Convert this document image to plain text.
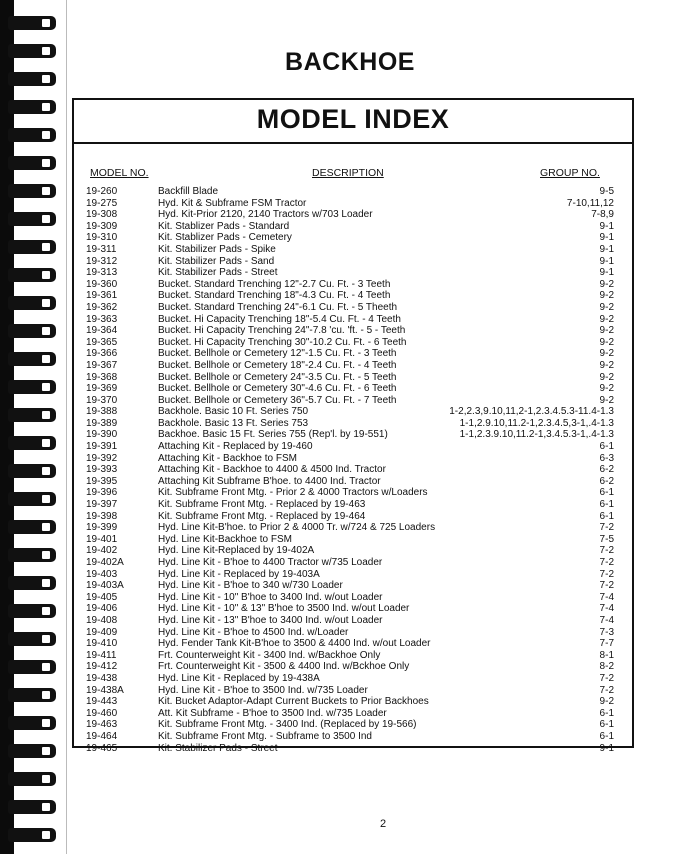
BACKHOE
MODEL INDEX
MODEL NO.	DESCRIPTION	GROUP NO.
19-260	Backfill Blade	9-5
19-275	Hyd. Kit & Subframe FSM Tractor	7-10,11,12
19-308	Hyd. Kit-Prior 2120, 2140 Tractors w/703 Loader	7-8,9
19-309	Kit. Stablizer Pads - Standard	9-1
19-310	Kit. Stablizer Pads - Cemetery	9-1
19-311	Kit. Stabilizer Pads - Spike	9-1
19-312	Kit. Stabilizer Pads - Sand	9-1
19-313	Kit. Stabilizer Pads - Street	9-1
19-360	Bucket. Standard Trenching 12"-2.7 Cu. Ft. - 3 Teeth	9-2
19-361	Bucket. Standard Trenching 18"-4.3 Cu. Ft. - 4 Teeth	9-2
19-362	Bucket. Standard Trenching 24"-6.1 Cu. Ft. - 5 Theeth	9-2
19-363	Bucket. Hi Capacity Trenching 18"-5.4 Cu. Ft. - 4 Teeth	9-2
19-364	Bucket. Hi Capacity Trenching 24"-7.8 'cu. 'ft. - 5 - Teeth	9-2
19-365	Bucket. Hi Capacity Trenching 30"-10.2 Cu. Ft. - 6 Teeth	9-2
19-366	Bucket. Bellhole or Cemetery 12"-1.5 Cu. Ft. - 3 Teeth	9-2
19-367	Bucket. Bellhole or Cemetery 18"-2.4 Cu. Ft. - 4 Teeth	9-2
19-368	Bucket. Bellhole or Cemetery 24"-3.5 Cu. Ft. - 5 Teeth	9-2
19-369	Bucket. Bellhole or Cemetery 30"-4.6 Cu. Ft. - 6 Teeth	9-2
19-370	Bucket. Bellhole or Cemetery 36"-5.7 Cu. Ft. - 7 Teeth	9-2
19-388	Backhole. Basic 10 Ft. Series 750	1-2,2.3,9.10,11,2-1,2.3.4.5.3-11.4-1.3
19-389	Backhole. Basic 13 Ft. Series 753	1-1,2.9.10,11.2-1,2.3.4.5,3-1,.4-1.3
19-390	Backhoe. Basic 15 Ft. Series 755 (Rep'l. by 19-551)	1-1,2.3.9.10,11.2-1,3.4.5.3-1,.4-1.3
19-391	Attaching Kit - Replaced by 19-460	6-1
19-392	Attaching Kit - Backhoe to FSM	6-3
19-393	Attaching Kit - Backhoe to 4400 & 4500 Ind. Tractor	6-2
19-395	Attaching Kit Subframe B'hoe. to 4400 Ind. Tractor	6-2
19-396	Kit. Subframe Front Mtg. - Prior 2 & 4000 Tractors w/Loaders	6-1
19-397	Kit. Subframe Front Mtg. - Replaced by 19-463	6-1
19-398	Kit. Subframe Front Mtg. - Replaced by 19-464	6-1
19-399	Hyd. Line Kit-B'hoe. to Prior 2 & 4000 Tr. w/724 & 725 Loaders	7-2
19-401	Hyd. Line Kit-Backhoe to FSM	7-5
19-402	Hyd. Line Kit-Replaced by 19-402A	7-2
19-402A	Hyd. Line Kit - B'hoe to 4400 Tractor w/735 Loader	7-2
19-403	Hyd. Line Kit - Replaced by 19-403A	7-2
19-403A	Hyd. Line Kit - B'hoe to 340 w/730 Loader	7-2
19-405	Hyd. Line Kit - 10" B'hoe to 3400 Ind. w/out Loader	7-4
19-406	Hyd. Line Kit - 10" & 13" B'hoe to 3500 Ind. w/out Loader	7-4
19-408	Hyd. Line Kit - 13" B'hoe to 3400 Ind. w/out Loader	7-4
19-409	Hyd. Line Kit - B'hoe to 4500 Ind. w/Loader	7-3
19-410	Hyd. Fender Tank Kit-B'hoe to 3500 & 4400 Ind. w/out Loader	7-7
19-411	Frt. Counterweight Kit - 3400 Ind. w/Backhoe Only	8-1
19-412	Frt. Counterweight Kit - 3500 & 4400 Ind. w/Bckhoe Only	8-2
19-438	Hyd. Line Kit - Replaced by 19-438A	7-2
19-438A	Hyd. Line Kit - B'hoe to 3500 Ind. w/735 Loader	7-2
19-443	Kit. Bucket Adaptor-Adapt Current Buckets to Prior Backhoes	9-2
19-460	Att. Kit Subframe - B'hoe to 3500 Ind. w/735 Loader	6-1
19-463	Kit. Subframe Front Mtg. - 3400 Ind. (Replaced by 19-566)	6-1
19-464	Kit. Subframe Front Mtg. - Subframe to 3500 Ind	6-1
19-465	Kit. Stabilizer Pads - Street	9-1
2
